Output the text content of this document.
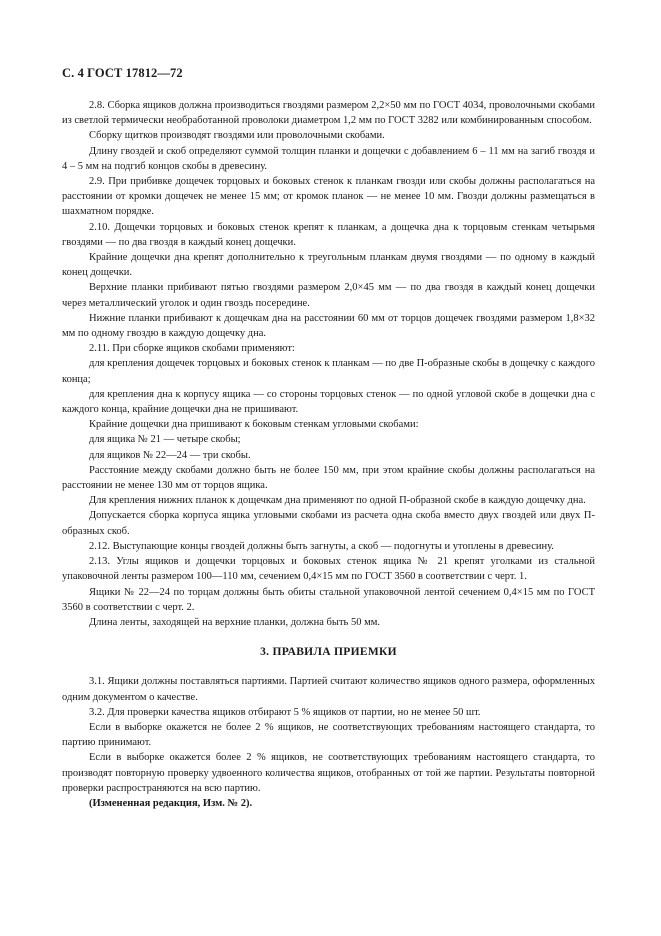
С. 4 ГОСТ 17812—72

2.8. Сборка ящиков должна производиться гвоздями размером 2,2×50 мм по ГОСТ 4034, проволочными скобами из светлой термически необработанной проволоки диаметром 1,2 мм по ГОСТ 3282 или комбинированным способом.

Сборку щитков производят гвоздями или проволочными скобами.

Длину гвоздей и скоб определяют суммой толщин планки и дощечки с добавлением 6 – 11 мм на загиб гвоздя и 4 – 5 мм на подгиб концов скобы в древесину.

2.9. При прибивке дощечек торцовых и боковых стенок к планкам гвозди или скобы должны располагаться на расстоянии от кромки дощечек не менее 15 мм; от кромок планок — не менее 10 мм. Гвозди должны размещаться в шахматном порядке.

2.10. Дощечки торцовых и боковых стенок крепят к планкам, а дощечка дна к торцовым стенкам четырьмя гвоздями — по два гвоздя в каждый конец дощечки.

Крайние дощечки дна крепят дополнительно к треугольным планкам двумя гвоздями — по одному в каждый конец дощечки.

Верхние планки прибивают пятью гвоздями размером 2,0×45 мм — по два гвоздя в каждый конец дощечки через металлический уголок и один гвоздь посередине.

Нижние планки прибивают к дощечкам дна на расстоянии 60 мм от торцов дощечек гвоздями размером 1,8×32 мм по одному гвоздю в каждую дощечку дна.

2.11. При сборке ящиков скобами применяют:

для крепления дощечек торцовых и боковых стенок к планкам — по две П-образные скобы в дощечку с каждого конца;

для крепления дна к корпусу ящика — со стороны торцовых стенок — по одной угловой скобе в дощечки дна с каждого конца, крайние дощечки дна не пришивают.

Крайние дощечки дна пришивают к боковым стенкам угловыми скобами:

для ящика № 21 — четыре скобы;

для ящиков № 22—24 — три скобы.

Расстояние между скобами должно быть не более 150 мм, при этом крайние скобы должны располагаться на расстоянии не менее 130 мм от торцов ящика.

Для крепления нижних планок к дощечкам дна применяют по одной П-образной скобе в каждую дощечку дна.

Допускается сборка корпуса ящика угловыми скобами из расчета одна скоба вместо двух гвоздей или двух П-образных скоб.

2.12. Выступающие концы гвоздей должны быть загнуты, а скоб — подогнуты и утоплены в древесину.

2.13. Углы ящиков и дощечки торцовых и боковых стенок ящика № 21 крепят уголками из стальной упаковочной ленты размером 100—110 мм, сечением 0,4×15 мм по ГОСТ 3560 в соответствии с черт. 1.

Ящики № 22—24 по торцам должны быть обиты стальной упаковочной лентой сечением 0,4×15 мм по ГОСТ 3560 в соответствии с черт. 2.

Длина ленты, заходящей на верхние планки, должна быть 50 мм.

3. ПРАВИЛА ПРИЕМКИ

3.1. Ящики должны поставляться партиями. Партией считают количество ящиков одного размера, оформленных одним документом о качестве.

3.2. Для проверки качества ящиков отбирают 5 % ящиков от партии, но не менее 50 шт.

Если в выборке окажется не более 2 % ящиков, не соответствующих требованиям настоящего стандарта, то партию принимают.

Если в выборке окажется более 2 % ящиков, не соответствующих требованиям настоящего стандарта, то производят повторную проверку удвоенного количества ящиков, отобранных от той же партии. Результаты повторной проверки распространяются на всю партию.

(Измененная редакция, Изм. № 2).
